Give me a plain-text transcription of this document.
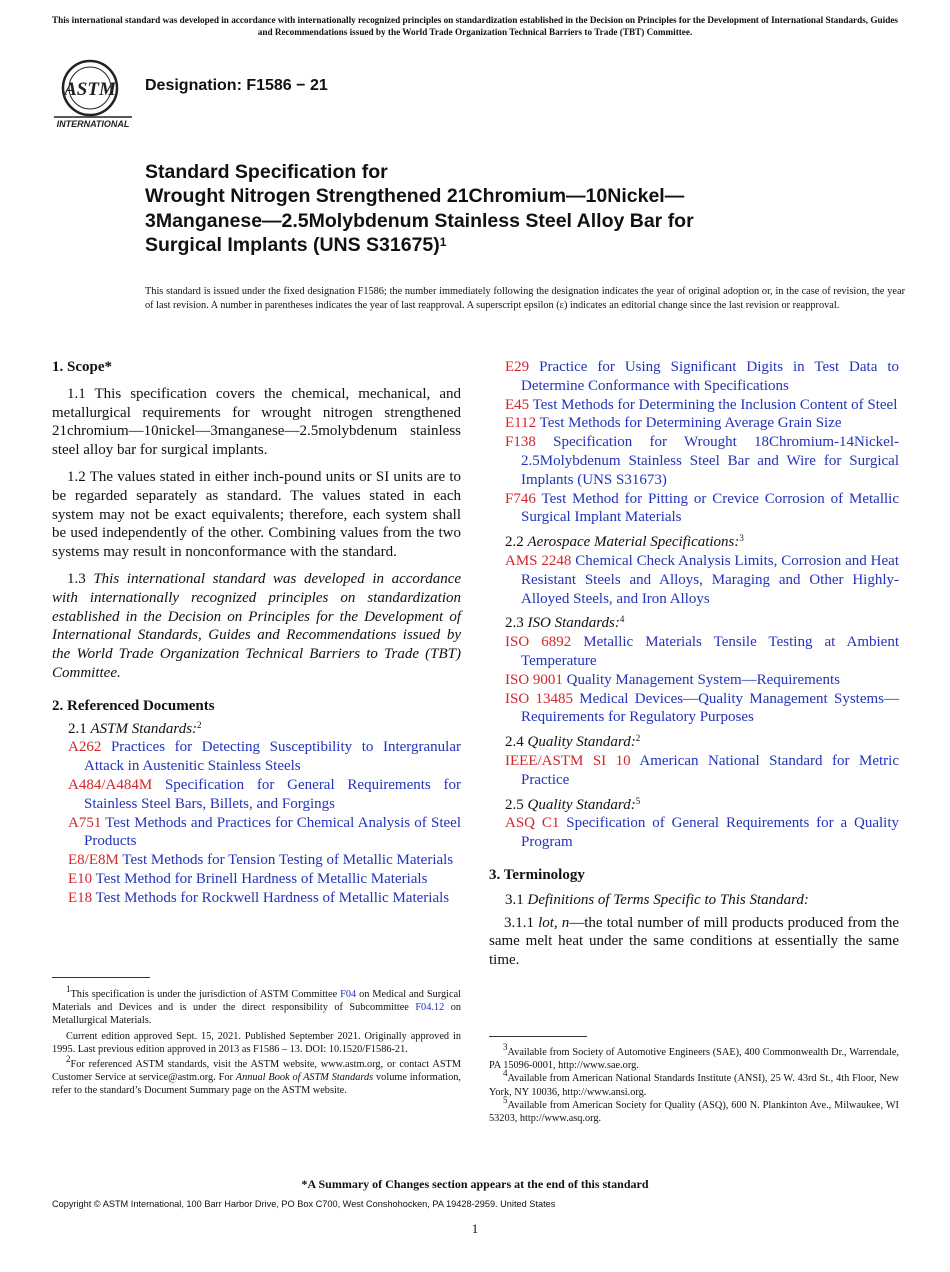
This international standard was developed in accordance with internationally recognized principles on standardization established in the Decision on Principles for the Development of International Standards, Guides and Recommendations issued by the World Trade Organization Technical Barriers to Trade (TBT) Committee.
ASTM
INTERNATIONAL
Designation: F1586 − 21
Standard Specification for
Wrought Nitrogen Strengthened 21Chromium—10Nickel—
3Manganese—2.5Molybdenum Stainless Steel Alloy Bar for
Surgical Implants (UNS S31675)$^1$
This standard is issued under the fixed designation F1586; the number immediately following the designation indicates the year of original adoption or, in the case of revision, the year of last revision. A number in parentheses indicates the year of last reapproval. A superscript epsilon (ε) indicates an editorial change since the last revision or reapproval.

1. Scope*

1.1 This specification covers the chemical, mechanical, and metallurgical requirements for wrought nitrogen strengthened 21chromium—10nickel—3manganese—2.5molybdenum stainless steel alloy bar for surgical implants.

1.2 The values stated in either inch-pound units or SI units are to be regarded separately as standard. The values stated in each system may not be exact equivalents; therefore, each system shall be used independently of the other. Combining values from the two systems may result in nonconformance with the standard.

1.3 This international standard was developed in accordance with internationally recognized principles on standardization established in the Decision on Principles for the Development of International Standards, Guides and Recommendations issued by the World Trade Organization Technical Barriers to Trade (TBT) Committee.

2. Referenced Documents

2.1 ASTM Standards:$^2$

A262 Practices for Detecting Susceptibility to Intergranular Attack in Austenitic Stainless Steels

A484/A484M Specification for General Requirements for Stainless Steel Bars, Billets, and Forgings

A751 Test Methods and Practices for Chemical Analysis of Steel Products

E8/E8M Test Methods for Tension Testing of Metallic Materials

E10 Test Method for Brinell Hardness of Metallic Materials

E18 Test Methods for Rockwell Hardness of Metallic Materials

$^1$This specification is under the jurisdiction of ASTM Committee F04 on Medical and Surgical Materials and Devices and is under the direct responsibility of Subcommittee F04.12 on Metallurgical Materials.

Current edition approved Sept. 15, 2021. Published September 2021. Originally approved in 1995. Last previous edition approved in 2013 as F1586 – 13. DOI: 10.1520/F1586-21.

$^2$For referenced ASTM standards, visit the ASTM website, www.astm.org, or contact ASTM Customer Service at service@astm.org. For Annual Book of ASTM Standards volume information, refer to the standard’s Document Summary page on the ASTM website.

E29 Practice for Using Significant Digits in Test Data to Determine Conformance with Specifications

E45 Test Methods for Determining the Inclusion Content of Steel

E112 Test Methods for Determining Average Grain Size

F138 Specification for Wrought 18Chromium-14Nickel-2.5Molybdenum Stainless Steel Bar and Wire for Surgical Implants (UNS S31673)

F746 Test Method for Pitting or Crevice Corrosion of Metallic Surgical Implant Materials

2.2 Aerospace Material Specifications:$^3$

AMS 2248 Chemical Check Analysis Limits, Corrosion and Heat Resistant Steels and Alloys, Maraging and Other Highly-Alloyed Steels, and Iron Alloys

2.3 ISO Standards:$^4$

ISO 6892 Metallic Materials Tensile Testing at Ambient Temperature

ISO 9001 Quality Management System—Requirements

ISO 13485 Medical Devices—Quality Management Systems—Requirements for Regulatory Purposes

2.4 Quality Standard:$^2$

IEEE/ASTM SI 10 American National Standard for Metric Practice

2.5 Quality Standard:$^5$

ASQ C1 Specification of General Requirements for a Quality Program

3. Terminology

3.1 Definitions of Terms Specific to This Standard:

3.1.1 lot, n—the total number of mill products produced from the same melt heat under the same conditions at essentially the same time.

$^3$Available from Society of Automotive Engineers (SAE), 400 Commonwealth Dr., Warrendale, PA 15096-0001, http://www.sae.org.

$^4$Available from American National Standards Institute (ANSI), 25 W. 43rd St., 4th Floor, New York, NY 10036, http://www.ansi.org.

$^5$Available from American Society for Quality (ASQ), 600 N. Plankinton Ave., Milwaukee, WI 53203, http://www.asq.org.

*A Summary of Changes section appears at the end of this standard
Copyright © ASTM International, 100 Barr Harbor Drive, PO Box C700, West Conshohocken, PA 19428-2959. United States
1
